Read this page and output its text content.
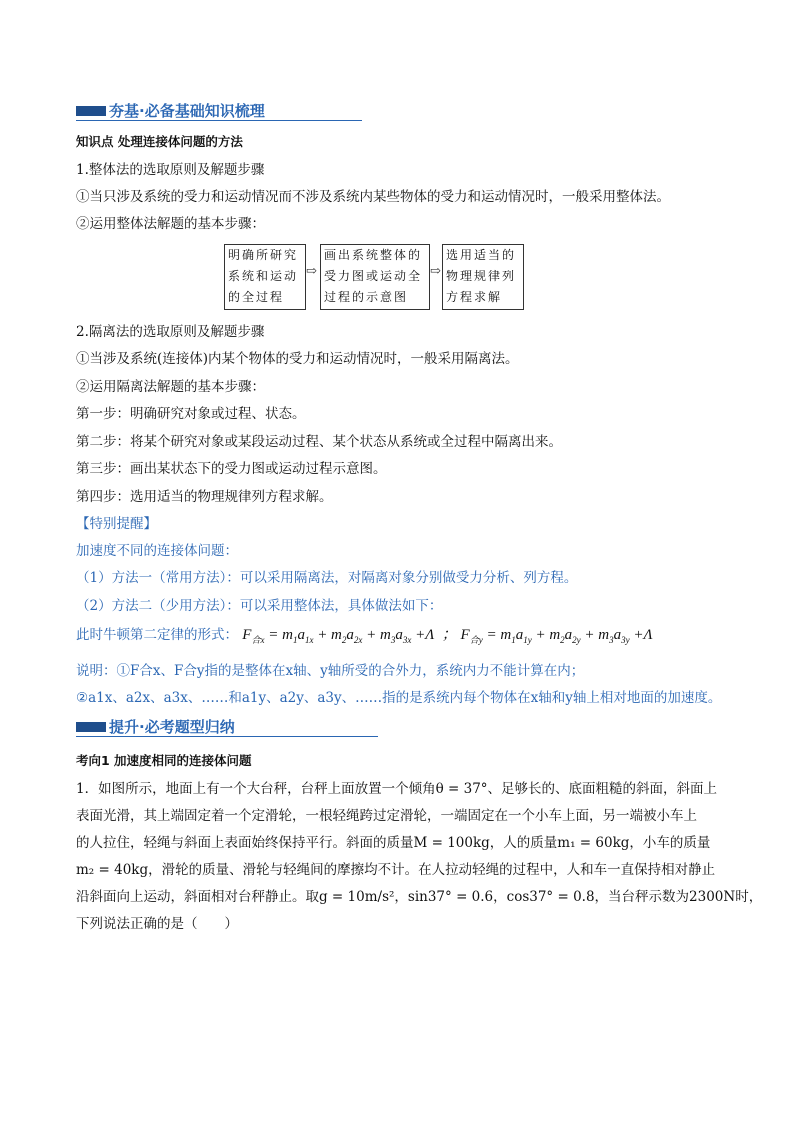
夯基·必备基础知识梳理
知识点 处理连接体问题的方法
1.整体法的选取原则及解题步骤
①当只涉及系统的受力和运动情况而不涉及系统内某些物体的受力和运动情况时，一般采用整体法。
②运用整体法解题的基本步骤：
明确所研究
系统和运动
的全过程
⇨
画出系统整体的
受力图或运动全
过程的示意图
⇨
选用适当的
物理规律列
方程求解
2.隔离法的选取原则及解题步骤
①当涉及系统(连接体)内某个物体的受力和运动情况时，一般采用隔离法。
②运用隔离法解题的基本步骤：
第一步：明确研究对象或过程、状态。
第二步：将某个研究对象或某段运动过程、某个状态从系统或全过程中隔离出来。
第三步：画出某状态下的受力图或运动过程示意图。
第四步：选用适当的物理规律列方程求解。
【特别提醒】
加速度不同的连接体问题：
（1）方法一（常用方法）：可以采用隔离法，对隔离对象分别做受力分析、列方程。
（2）方法二（少用方法）：可以采用整体法，具体做法如下：
此时牛顿第二定律的形式： $F_{合x} = m_1a_{1x} + m_2a_{2x} + m_3a_{3x} +\Lambda$  ； $F_{合y} = m_1a_{1y} + m_2a_{2y} + m_3a_{3y} +\Lambda$
说明：①F合x、F合y指的是整体在x轴、y轴所受的合外力，系统内力不能计算在内；
②a1x、a2x、a3x、……和a1y、a2y、a3y、……指的是系统内每个物体在x轴和y轴上相对地面的加速度。
提升·必考题型归纳
考向1 加速度相同的连接体问题

1．如图所示，地面上有一个大台秤，台秤上面放置一个倾角θ = 37°、足够长的、底面粗糙的斜面，斜面上

表面光滑，其上端固定着一个定滑轮，一根轻绳跨过定滑轮，一端固定在一个小车上面，另一端被小车上

的人拉住，轻绳与斜面上表面始终保持平行。斜面的质量M = 100kg，人的质量m₁ = 60kg，小车的质量

m₂ = 40kg，滑轮的质量、滑轮与轻绳间的摩擦均不计。在人拉动轻绳的过程中，人和车一直保持相对静止

沿斜面向上运动，斜面相对台秤静止。取g = 10m/s²，sin37° = 0.6，cos37° = 0.8，当台秤示数为2300N时，

下列说法正确的是（　　）
